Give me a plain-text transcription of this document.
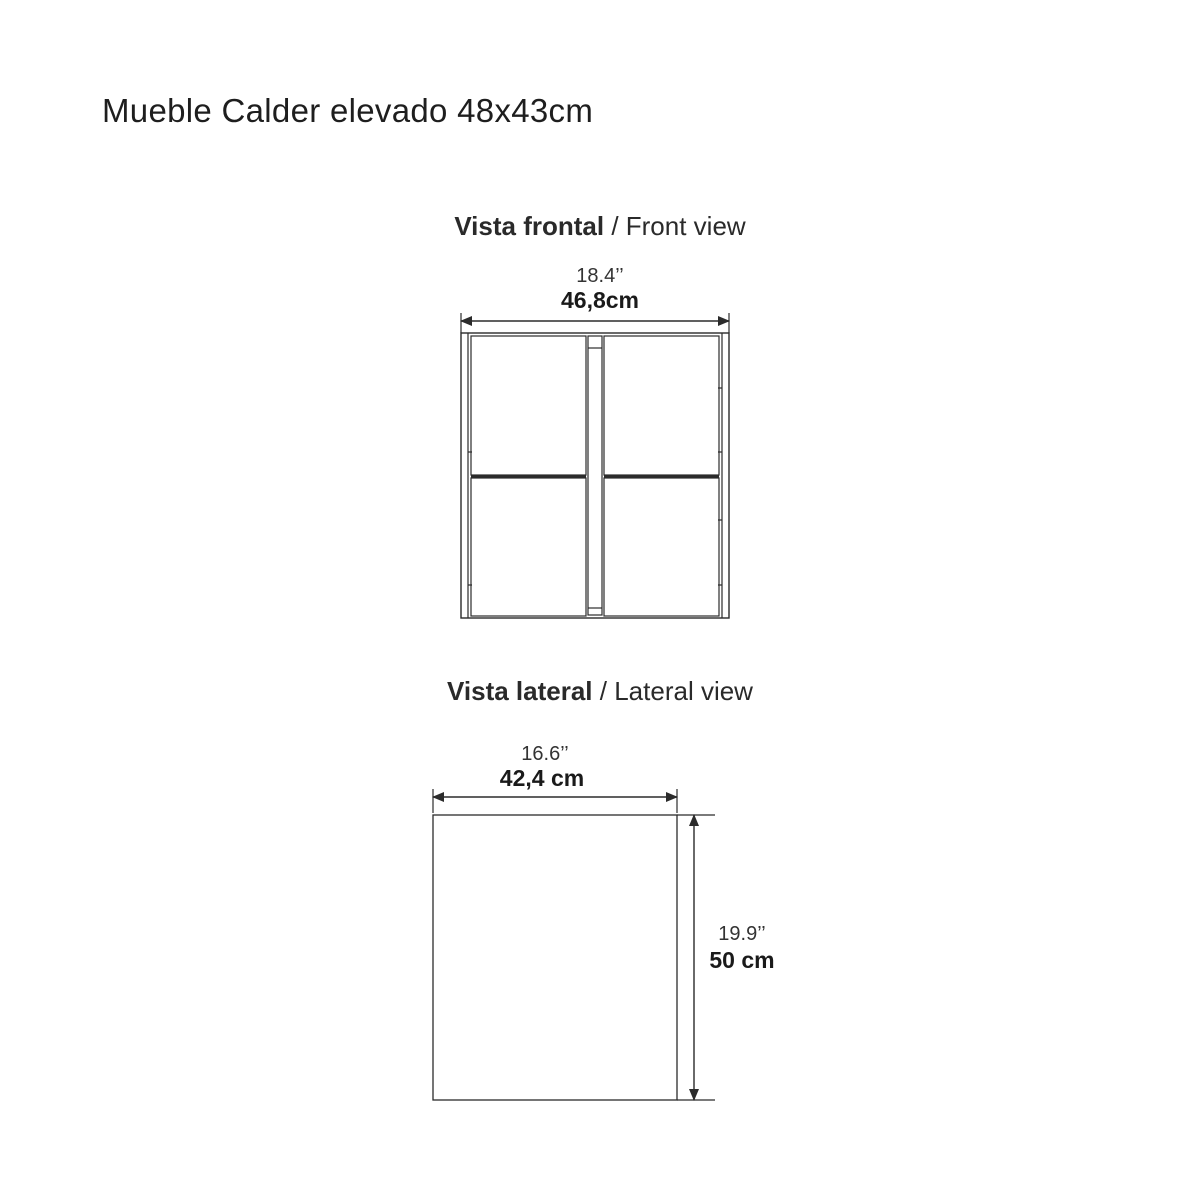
Mueble Calder elevado 48x43cm
Vista frontal / Front view
18.4’’
46,8cm
Vista lateral / Lateral view
16.6’’
42,4 cm
19.9’’
50 cm
